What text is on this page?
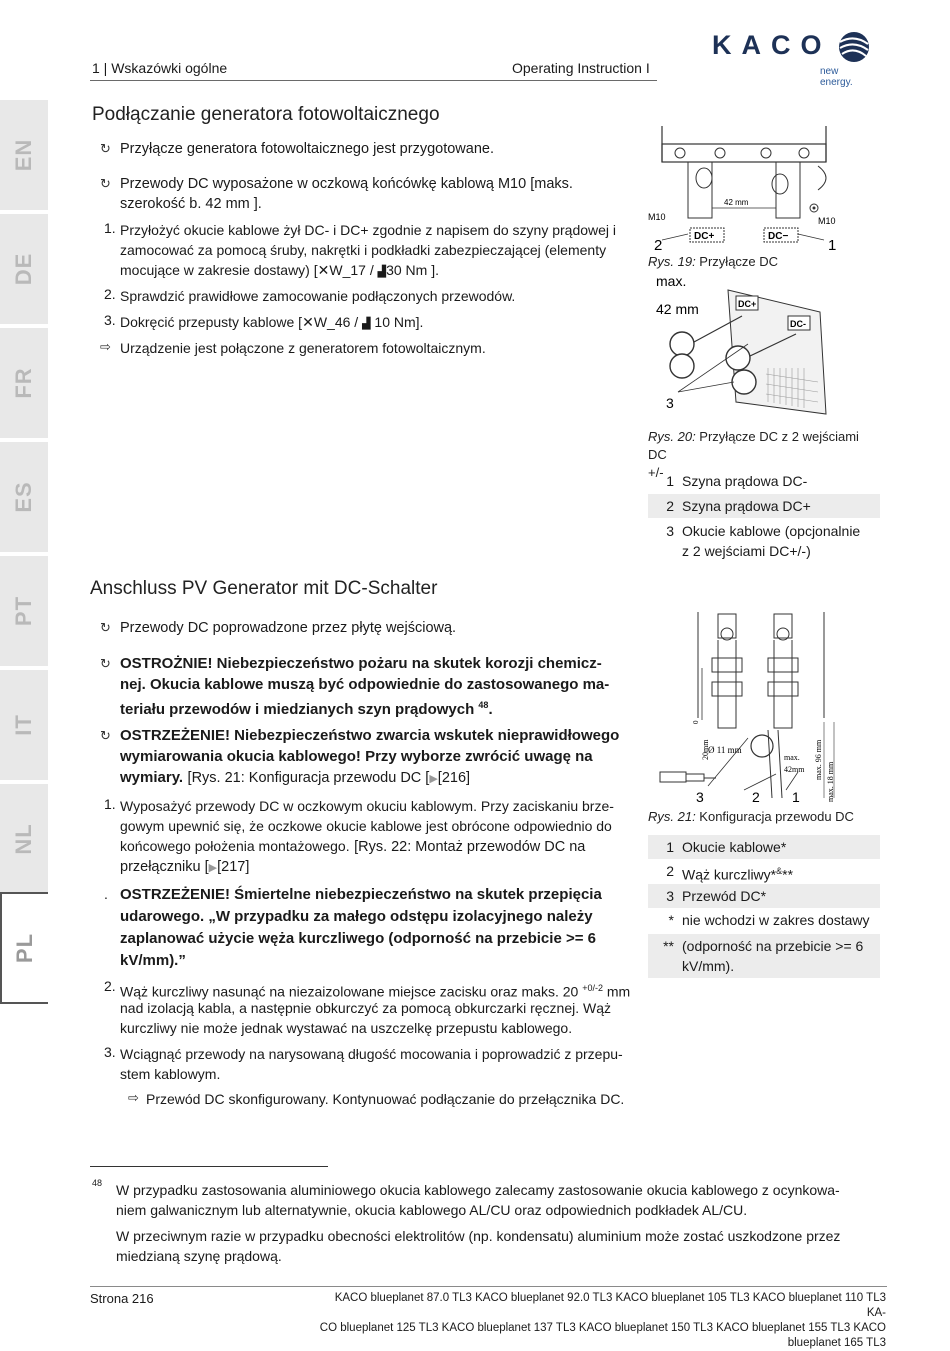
1 | Wskazówki ogólne	Operating Instruction I
KACO
new energy.
EN
DE
FR
ES
PT
IT
NL
PL
Podłączanie generatora fotowoltaicznego
↻ Przyłącze generatora fotowoltaicznego jest przygotowane.
↻ Przewody DC wyposażone w oczkową końcówkę kablową M10 [maks.
szerokość b. 42 mm ].
1. Przyłożyć okucie kablowe żył DC- i DC+ zgodnie z napisem do szyny prądowej i
zamocować za pomocą śruby, nakrętki i podkładki zabezpieczającej (elementy
mocujące w zakresie dostawy) [✕W_17 / ▟30 Nm ].
2. Sprawdzić prawidłowe zamocowanie podłączonych przewodów.
3. Dokręcić przepusty kablowe [✕W_46 / ▟ 10 Nm].
⇨ Urządzenie jest połączone z generatorem fotowoltaicznym.
42 mm
M10	M10
DC+	DC−
2	1
Rys. 19: Przyłącze DC
max.
42 mm	DC+
DC-
3
Rys. 20: Przyłącze DC z 2 wejściami DC
+/-
1 Szyna prądowa DC-
2 Szyna prądowa DC+
3 Okucie kablowe (opcjonalnie
z 2 wejściami DC+/-)
Anschluss PV Generator mit DC-Schalter
↻ Przewody DC poprowadzone przez płytę wejściową.
↻ OSTROŻNIE! Niebezpieczeństwo pożaru na skutek korozji chemicz-
nej. Okucia kablowe muszą być odpowiednie do zastosowanego ma-
teriału przewodów i miedzianych szyn prądowych $^{48}$.
↻ OSTRZEŻENIE! Niebezpieczeństwo zwarcia wskutek nieprawidłowego
wymiarowania okucia kablowego! Przy wyborze zwrócić uwagę na
wymiary. [Rys. 21: Konfiguracja przewodu DC [▶[216]
1. Wyposażyć przewody DC w oczkowym okuciu kablowym. Przy zaciskaniu brze-
gowym upewnić się, że oczkowe okucie kablowe jest obrócone odpowiednio do
końcowego położenia montażowego. [Rys. 22: Montaż przewodów DC na
przełączniku [▶[217]
. OSTRZEŻENIE! Śmiertelne niebezpieczeństwo na skutek przepięcia
udarowego. „W przypadku za małego odstępu izolacyjnego należy
zaplanować użycie węża kurczliwego (odporność na przebicie >= 6
kV/mm).”
2. Wąż kurczliwy nasunąć na niezaizolowane miejsce zacisku oraz maks. 20 $^{+0/-2}$ mm
nad izolacją kabla, a następnie obkurczyć za pomocą obkurczarki ręcznej. Wąż
kurczliwy nie może jednak wystawać na uszczelkę przepustu kablowego.
3. Wciągnąć przewody na narysowaną długość mocowania i poprowadzić z przepu-
stem kablowym.
⇨ Przewód DC skonfigurowany. Kontynuować podłączanie do przełącznika DC.
20mm
0
Ø 11 mm
max.
42mm max. 96 mm
max. 18 mm
3	2 1
Rys. 21: Konfiguracja przewodu DC
1 Okucie kablowe*
2 Wąż kurczliwy*&**
3 Przewód DC*
* nie wchodzi w zakres dostawy
** (odporność na przebicie >= 6
kV/mm).
48 W przypadku zastosowania aluminiowego okucia kablowego zalecamy zastosowanie okucia kablowego z ocynkowa-
niem galwanicznym lub alternatywnie, okucia kablowego AL/CU oraz odpowiednich podkładek AL/CU.
W przeciwnym razie w przypadku obecności elektrolitów (np. kondensatu) aluminium może zostać uszkodzone przez
miedzianą szynę prądową.
Strona 216	KACO blueplanet 87.0 TL3 KACO blueplanet 92.0 TL3 KACO blueplanet 105 TL3 KACO blueplanet 110 TL3 KA-
CO blueplanet 125 TL3 KACO blueplanet 137 TL3 KACO blueplanet 150 TL3 KACO blueplanet 155 TL3 KACO
blueplanet 165 TL3
